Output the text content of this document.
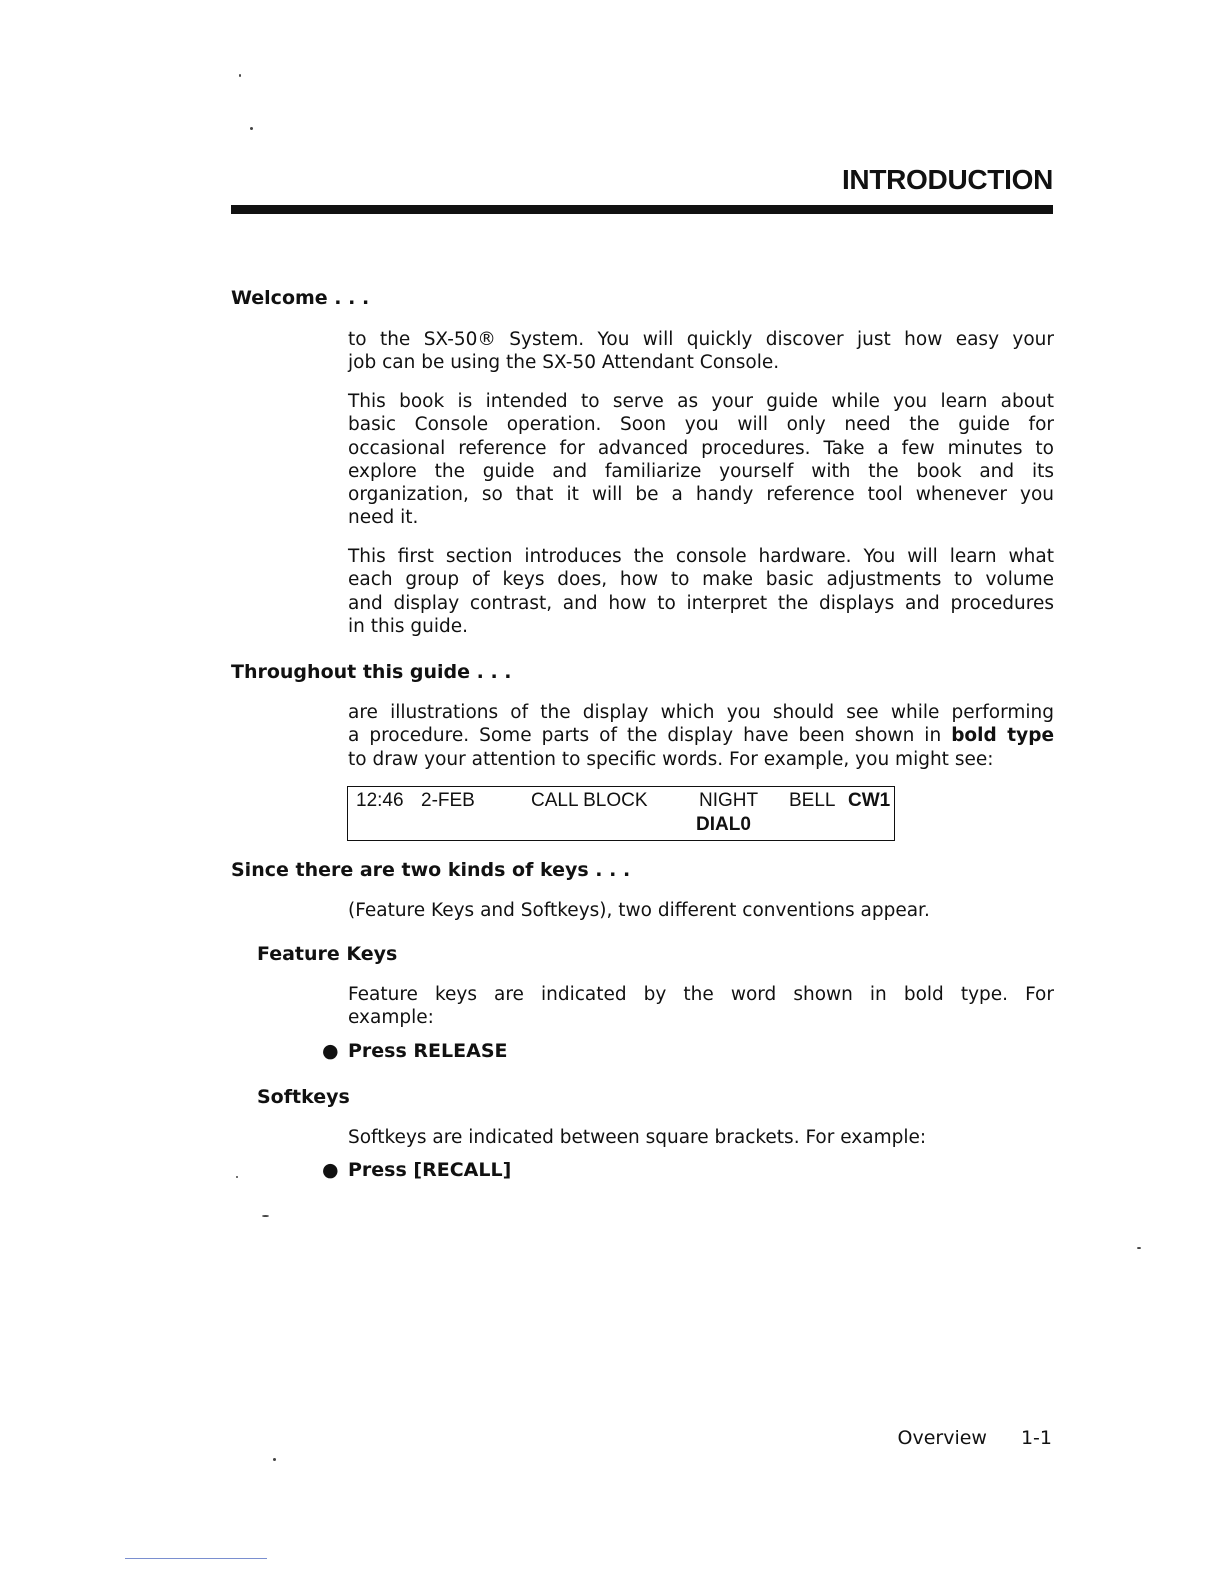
INTRODUCTION

Welcome . . .

to the SX-50® System. You will quickly discover just how easy your
job can be using the SX-50 Attendant Console.

This book is intended to serve as your guide while you learn about
basic Console operation. Soon you will only need the guide for
occasional reference for advanced procedures. Take a few minutes to
explore the guide and familiarize yourself with the book and its
organization, so that it will be a handy reference tool whenever you
need it.

This first section introduces the console hardware. You will learn what
each group of keys does, how to make basic adjustments to volume
and display contrast, and how to interpret the displays and procedures
in this guide.

Throughout this guide . . .

are illustrations of the display which you should see while performing
a procedure. Some parts of the display have been shown in bold type
to draw your attention to specific words. For example, you might see:

12:46 2-FEB	CALL BLOCK	NIGHT BELL CW1
DIAL0

Since there are two kinds of keys . . .

(Feature Keys and Softkeys), two different conventions appear.

Feature Keys

Feature keys are indicated by the word shown in bold type. For
example:

● Press RELEASE

Softkeys

Softkeys are indicated between square brackets. For example:

● Press [RECALL]

Overview 1-1
